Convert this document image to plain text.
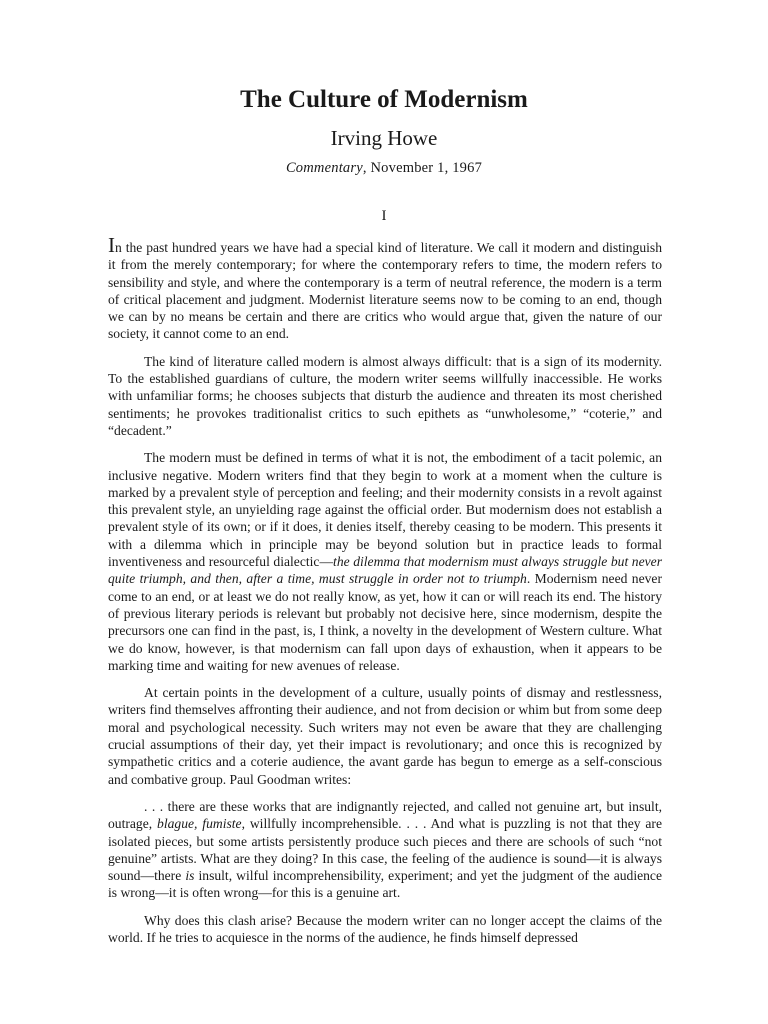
The Culture of Modernism
Irving Howe
Commentary, November 1, 1967
I

In the past hundred years we have had a special kind of literature. We call it modern and distinguish it from the merely contemporary; for where the contemporary refers to time, the modern refers to sensibility and style, and where the contemporary is a term of neutral reference, the modern is a term of critical placement and judgment. Modernist literature seems now to be coming to an end, though we can by no means be certain and there are critics who would argue that, given the nature of our society, it cannot come to an end.

The kind of literature called modern is almost always difficult: that is a sign of its modernity. To the established guardians of culture, the modern writer seems willfully inaccessible. He works with unfamiliar forms; he chooses subjects that disturb the audience and threaten its most cherished sentiments; he provokes traditionalist critics to such epithets as “unwholesome,” “coterie,” and “decadent.”

The modern must be defined in terms of what it is not, the embodiment of a tacit polemic, an inclusive negative. Modern writers find that they begin to work at a moment when the culture is marked by a prevalent style of perception and feeling; and their modernity consists in a revolt against this prevalent style, an unyielding rage against the official order. But modernism does not establish a prevalent style of its own; or if it does, it denies itself, thereby ceasing to be modern. This presents it with a dilemma which in principle may be beyond solution but in practice leads to formal inventiveness and resourceful dialectic—the dilemma that modernism must always struggle but never quite triumph, and then, after a time, must struggle in order not to triumph. Modernism need never come to an end, or at least we do not really know, as yet, how it can or will reach its end. The history of previous literary periods is relevant but probably not decisive here, since modernism, despite the precursors one can find in the past, is, I think, a novelty in the development of Western culture. What we do know, however, is that modernism can fall upon days of exhaustion, when it appears to be marking time and waiting for new avenues of release.

At certain points in the development of a culture, usually points of dismay and restlessness, writers find themselves affronting their audience, and not from decision or whim but from some deep moral and psychological necessity. Such writers may not even be aware that they are challenging crucial assumptions of their day, yet their impact is revolutionary; and once this is recognized by sympathetic critics and a coterie audience, the avant garde has begun to emerge as a self-conscious and combative group. Paul Goodman writes:

. . . there are these works that are indignantly rejected, and called not genuine art, but insult, outrage, blague, fumiste, willfully incomprehensible. . . . And what is puzzling is not that they are isolated pieces, but some artists persistently produce such pieces and there are schools of such “not genuine” artists. What are they doing? In this case, the feeling of the audience is sound—it is always sound—there is insult, wilful incomprehensibility, experiment; and yet the judgment of the audience is wrong—it is often wrong—for this is a genuine art.

Why does this clash arise? Because the modern writer can no longer accept the claims of the world. If he tries to acquiesce in the norms of the audience, he finds himself depressed
